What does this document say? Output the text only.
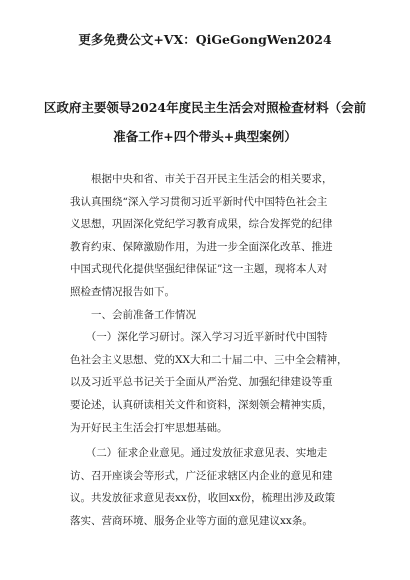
更多免费公文+VX：QiGeGongWen2024
区政府主要领导2024年度民主生活会对照检查材料（会前
准备工作+四个带头+典型案例）

　　根据中央和省、市关于召开民主生活会的相关要求，

我认真围绕“深入学习贯彻习近平新时代中国特色社会主

义思想，巩固深化党纪学习教育成果，综合发挥党的纪律

教育约束、保障激励作用，为进一步全面深化改革、推进

中国式现代化提供坚强纪律保证”这一主题，现将本人对

照检查情况报告如下。

　　一、会前准备工作情况

　　（一）深化学习研讨。深入学习习近平新时代中国特

色社会主义思想、党的XX大和二十届二中、三中全会精神，

以及习近平总书记关于全面从严治党、加强纪律建设等重

要论述，认真研读相关文件和资料，深刻领会精神实质，

为开好民主生活会打牢思想基础。

　　（二）征求企业意见。通过发放征求意见表、实地走

访、召开座谈会等形式，广泛征求辖区内企业的意见和建

议。共发放征求意见表xx份，收回xx份，梳理出涉及政策

落实、营商环境、服务企业等方面的意见建议xx条。
